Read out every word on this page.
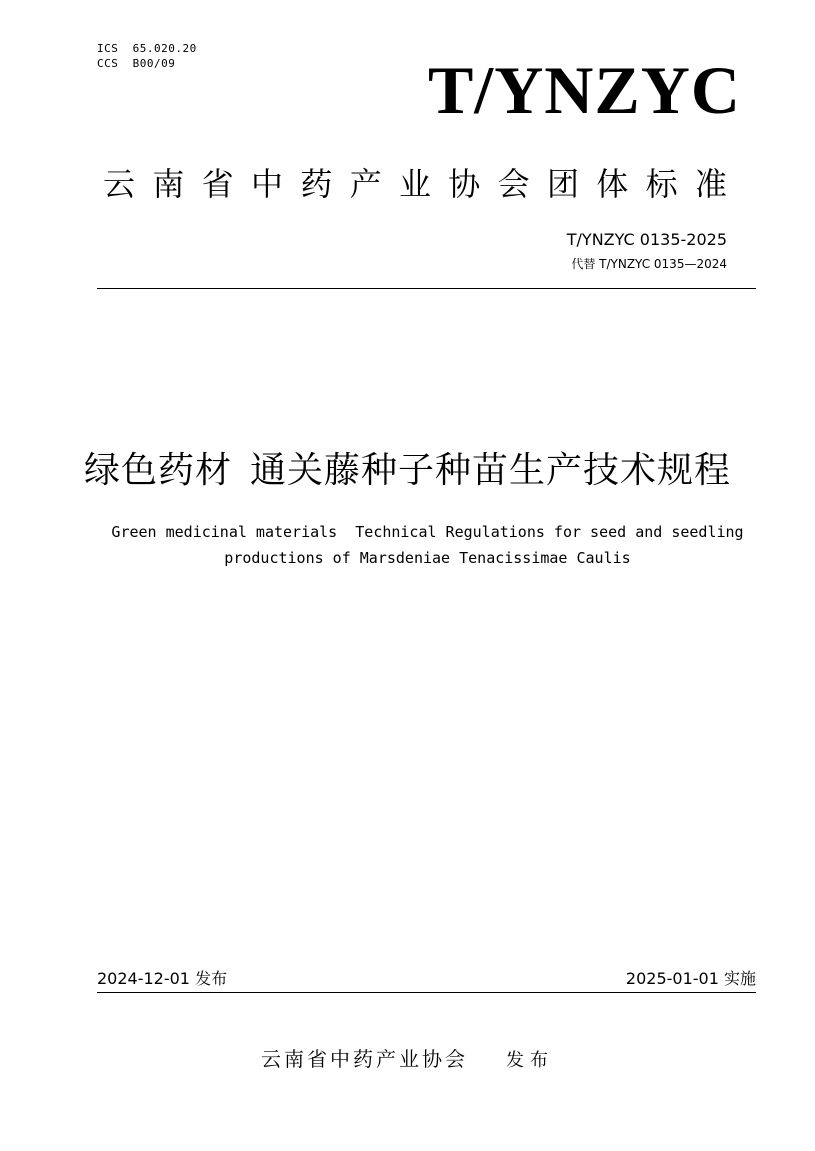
ICS  65.020.20
CCS  B00/09	T/YNZYC
云 南 省 中 药 产 业 协 会 团 体 标 准
T/YNZYC 0135-2025
代替 T/YNZYC 0135—2024
绿色药材 通关藤种子种苗生产技术规程
Green medicinal materials  Technical Regulations for seed and seedling
productions of Marsdeniae Tenacissimae Caulis
2024-12-01 发布	2025-01-01 实施
云南省中药产业协会 发布
